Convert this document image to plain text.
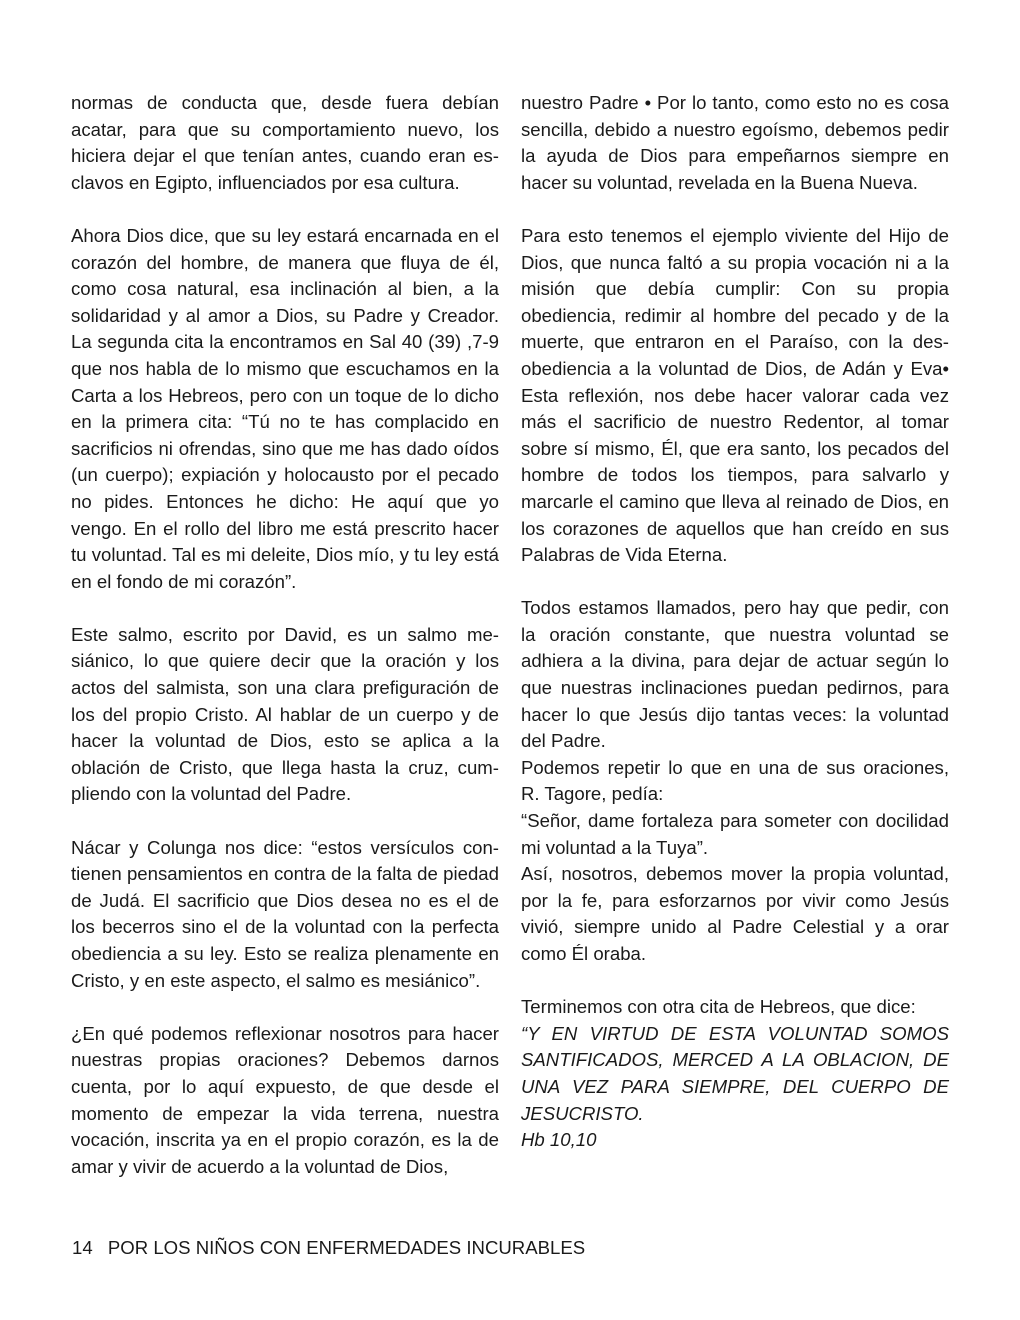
normas de conducta que, desde fuera debían acatar, para que su comportamiento nuevo, los hiciera dejar el que tenían antes, cuando eran esclavos en Egipto, influenciados por esa cultura.

Ahora Dios dice, que su ley estará encarnada en el corazón del hombre, de manera que fluya de él, como cosa natural, esa inclinación al bien, a la solidaridad y al amor a Dios, su Padre y Creador. La segunda cita la encontramos en Sal 40 (39) ,7-9 que nos habla de lo mismo que escuchamos en la Carta a los Hebreos, pero con un toque de lo dicho en la primera cita: “Tú no te has complacido en sacrificios ni ofrendas, sino que me has dado oídos (un cuerpo); expiación y holocausto por el pecado no pides. Entonces he dicho: He aquí que yo vengo. En el rollo del libro me está prescrito hacer tu voluntad. Tal es mi deleite, Dios mío, y tu ley está en el fondo de mi corazón”.

Este salmo, escrito por David, es un salmo mesiánico, lo que quiere decir que la oración y los actos del salmista, son una clara prefiguración de los del propio Cristo. Al hablar de un cuerpo y de hacer la voluntad de Dios, esto se aplica a la oblación de Cristo, que llega hasta la cruz, cumpliendo con la voluntad del Padre.

Nácar y Colunga nos dice: “estos versículos contienen pensamientos en contra de la falta de piedad de Judá. El sacrificio que Dios desea no es el de los becerros sino el de la voluntad con la perfecta obediencia a su ley. Esto se realiza plenamente en Cristo, y en este aspecto, el salmo es mesiánico”.

¿En qué podemos reflexionar nosotros para hacer nuestras propias oraciones? Debemos darnos cuenta, por lo aquí expuesto, de que desde el momento de empezar la vida terrena, nuestra vocación, inscrita ya en el propio corazón, es la de amar y vivir de acuerdo a la voluntad de Dios,

nuestro Padre • Por lo tanto, como esto no es cosa sencilla, debido a nuestro egoísmo, debemos pedir la ayuda de Dios para empeñarnos siempre en hacer su voluntad, revelada en la Buena Nueva.

Para esto tenemos el ejemplo viviente del Hijo de Dios, que nunca faltó a su propia vocación ni a la misión que debía cumplir: Con su propia obediencia, redimir al hombre del pecado y de la muerte, que entraron en el Paraíso, con la desobediencia a la voluntad de Dios, de Adán y Eva• Esta reflexión, nos debe hacer valorar cada vez más el sacrificio de nuestro Redentor, al tomar sobre sí mismo, Él, que era santo, los pecados del hombre de todos los tiempos, para salvarlo y marcarle el camino que lleva al reinado de Dios, en los corazones de aquellos que han creído en sus Palabras de Vida Eterna.

Todos estamos llamados, pero hay que pedir, con la oración constante, que nuestra voluntad se adhiera a la divina, para dejar de actuar según lo que nuestras inclinaciones puedan pedirnos, para hacer lo que Jesús dijo tantas veces: la voluntad del Padre.

Podemos repetir lo que en una de sus oraciones, R. Tagore, pedía:

“Señor, dame fortaleza para someter con docilidad mi voluntad a la Tuya”.

Así, nosotros, debemos mover la propia voluntad, por la fe, para esforzarnos por vivir como Jesús vivió, siempre unido al Padre Celestial y a orar como Él oraba.

Terminemos con otra cita de Hebreos, que dice:

“Y EN VIRTUD DE ESTA VOLUNTAD SOMOS SANTIFICADOS, MERCED A LA OBLACION, DE UNA VEZ PARA SIEMPRE, DEL CUERPO DE JESUCRISTO.

Hb 10,10

14 POR LOS NIÑOS CON ENFERMEDADES INCURABLES
